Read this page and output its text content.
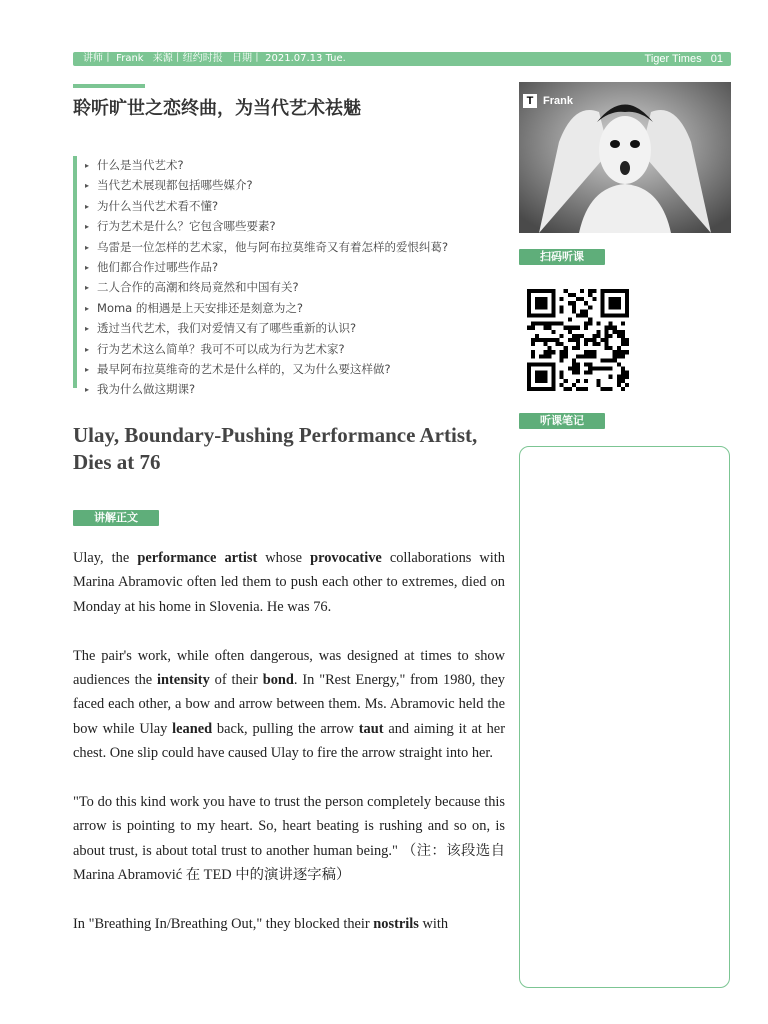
讲师丨 Frank 来源丨纽约时报 日期丨 2021.07.13 Tue.	Tiger Times 01
聆听旷世之恋终曲，为当代艺术祛魅
▸ 什么是当代艺术?
▸ 当代艺术展现都包括哪些媒介?
▸ 为什么当代艺术看不懂?
▸ 行为艺术是什么？它包含哪些要素?
▸ 乌雷是一位怎样的艺术家，他与阿布拉莫维奇又有着怎样的爱恨纠葛?
▸ 他们都合作过哪些作品?
▸ 二人合作的高潮和终局竟然和中国有关?
▸ Moma 的相遇是上天安排还是刻意为之?
▸ 透过当代艺术，我们对爱情又有了哪些重新的认识?
▸ 行为艺术这么简单？我可不可以成为行为艺术家?
▸ 最早阿布拉莫维奇的艺术是什么样的，又为什么要这样做?
▸ 我为什么做这期课?
Ulay, Boundary-Pushing Performance Artist, Dies at 76
讲解正文

Ulay, the performance artist whose provocative collaborations with Marina Abramovic often led them to push each other to extremes, died on Monday at his home in Slovenia. He was 76.

The pair's work, while often dangerous, was designed at times to show audiences the intensity of their bond. In "Rest Energy," from 1980, they faced each other, a bow and arrow between them. Ms. Abramovic held the bow while Ulay leaned back, pulling the arrow taut and aiming it at her chest. One slip could have caused Ulay to fire the arrow straight into her.

"To do this kind work you have to trust the person completely because this arrow is pointing to my heart. So, heart beating is rushing and so on, is about trust, is about total trust to another human being." （注：该段选自 Marina Abramović 在 TED 中的演讲逐字稿）

In "Breathing In/Breathing Out," they blocked their nostrils with

T Frank
扫码听课
听课笔记
